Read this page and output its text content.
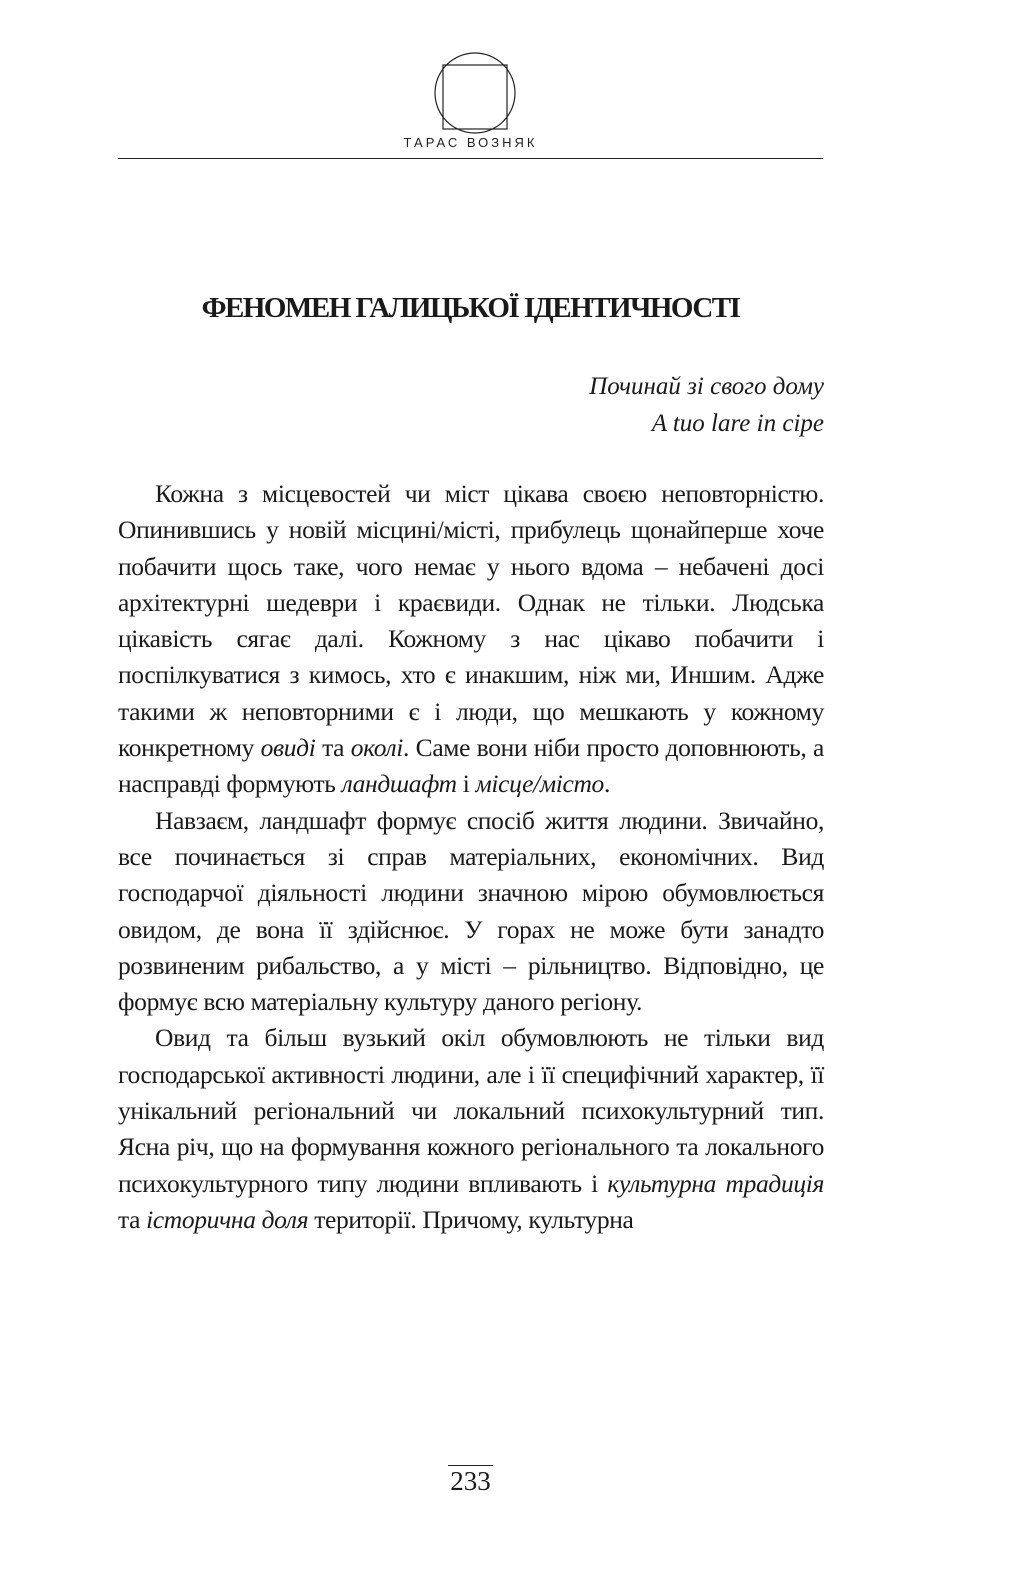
ТАРАС ВОЗНЯК
ФЕНОМЕН ГАЛИЦЬКОЇ ІДЕНТИЧНОСТІ
Починай зі свого дому
A tuo lare in cipe

Кожна з місцевостей чи міст цікава своєю неповторністю. Опинившись у новій місцині/місті, прибулець щонайперше хоче побачити щось таке, чого немає у нього вдома – небачені досі архітектурні шедеври і краєвиди. Однак не тільки. Людська цікавість сягає далі. Кожному з нас цікаво побачити і поспілкуватися з кимось, хто є инакшим, ніж ми, Иншим. Адже такими ж неповторними є і люди, що мешкають у кожному конкретному овиді та околі. Саме вони ніби просто доповнюють, а насправді формують ландшафт і місце/місто.

Навзаєм, ландшафт формує спосіб життя людини. Звичайно, все починається зі справ матеріальних, економічних. Вид господарчої діяльності людини значною мірою обумовлюється овидом, де вона її здійснює. У горах не може бути занадто розвиненим рибальство, а у місті – рільництво. Відповідно, це формує всю матеріальну культуру даного регіону.

Овид та більш вузький окіл обумовлюють не тільки вид господарської активності людини, але і її специфічний характер, її унікальний регіональний чи локальний психокультурний тип. Ясна річ, що на формування кожного регіонального та локального психокультурного типу людини впливають і культурна традиція та історична доля території. Причому, культурна

233
